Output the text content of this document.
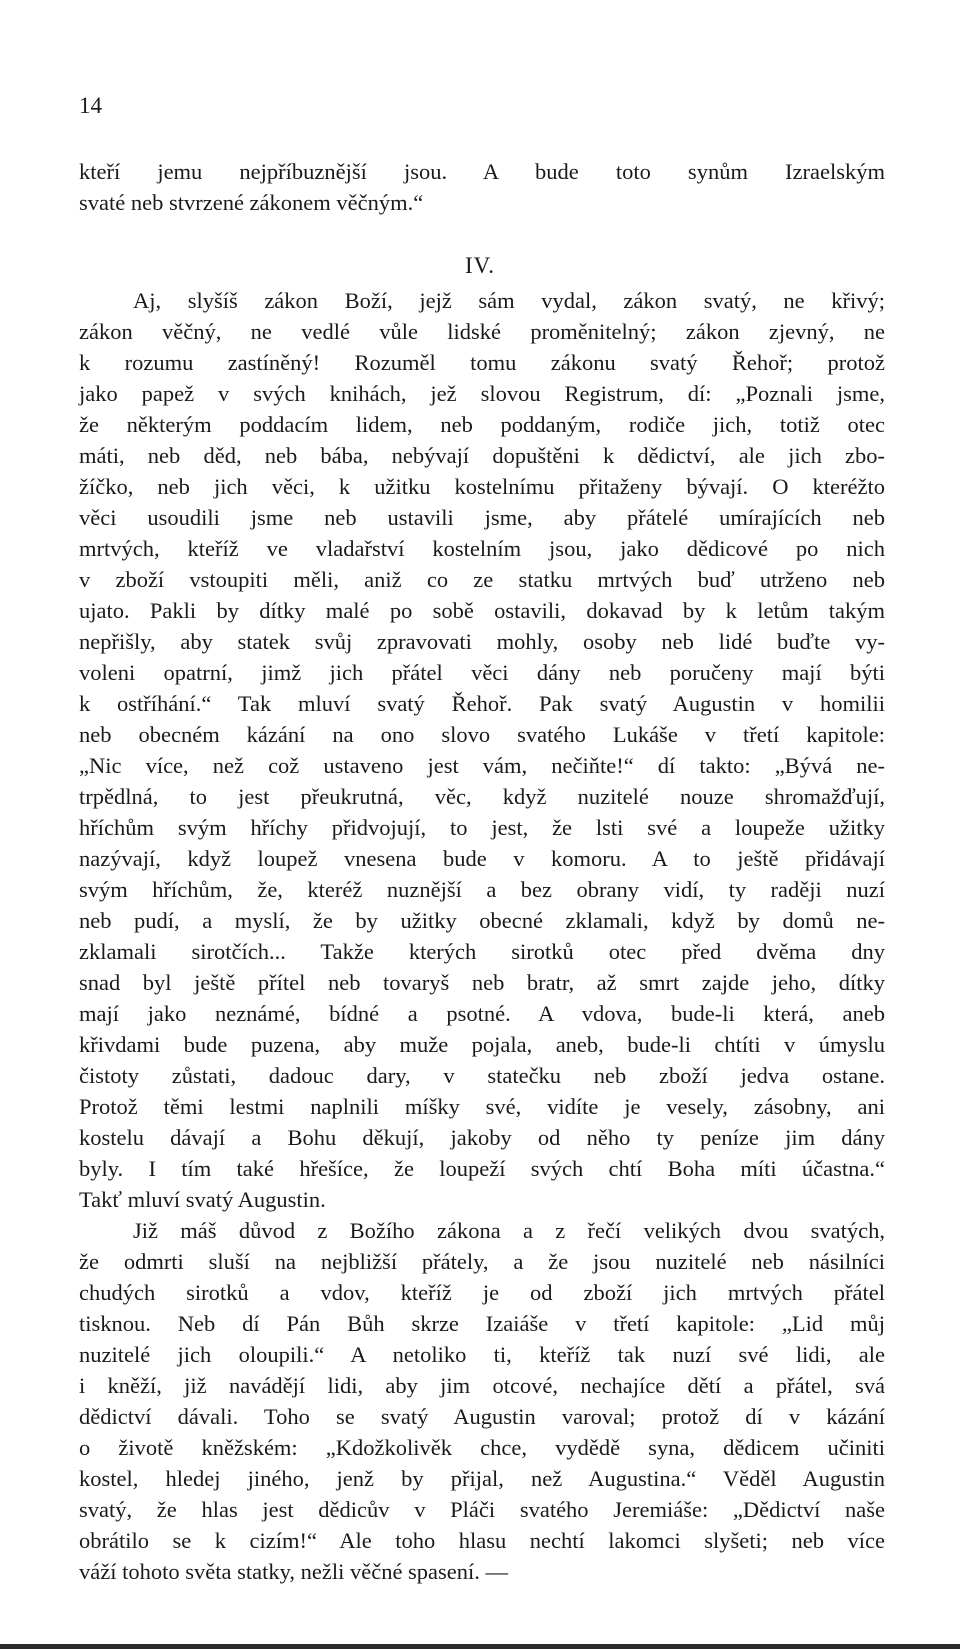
14
kteří jemu nejpříbuznější jsou. A bude toto synům Izraelským
svaté neb stvrzené zákonem věčným.“
IV.
Aj, slyšíš zákon Boží, jejž sám vydal, zákon svatý, ne křivý;
zákon věčný, ne vedlé vůle lidské proměnitelný; zákon zjevný, ne
k rozumu zastíněný! Rozuměl tomu zákonu svatý Řehoř; protož
jako papež v svých knihách, jež slovou Registrum, dí: „Poznali jsme,
že některým poddacím lidem, neb poddaným, rodiče jich, totiž otec
máti, neb děd, neb bába, nebývají dopuštěni k dědictví, ale jich zbo-
žíčko, neb jich věci, k užitku kostelnímu přitaženy bývají. O kteréžto
věci usoudili jsme neb ustavili jsme, aby přátelé umírajících neb
mrtvých, kteříž ve vladařství kostelním jsou, jako dědicové po nich
v zboží vstoupiti měli, aniž co ze statku mrtvých buď utrženo neb
ujato. Pakli by dítky malé po sobě ostavili, dokavad by k letům takým
nepřišly, aby statek svůj zpravovati mohly, osoby neb lidé buďte vy-
voleni opatrní, jimž jich přátel věci dány neb poručeny mají býti
k ostříhání.“ Tak mluví svatý Řehoř. Pak svatý Augustin v homilii
neb obecném kázání na ono slovo svatého Lukáše v třetí kapitole:
„Nic více, než což ustaveno jest vám, nečiňte!“ dí takto: „Bývá ne-
trpědlná, to jest přeukrutná, věc, když nuzitelé nouze shromažďují,
hříchům svým hříchy přidvojují, to jest, že lsti své a loupeže užitky
nazývají, když loupež vnesena bude v komoru. A to ještě přidávají
svým hříchům, že, kteréž nuznější a bez obrany vidí, ty raději nuzí
neb pudí, a myslí, že by užitky obecné zklamali, když by domů ne-
zklamali sirotčích... Takže kterých sirotků otec před dvěma dny
snad byl ještě přítel neb tovaryš neb bratr, až smrt zajde jeho, dítky
mají jako neznámé, bídné a psotné. A vdova, bude-li která, aneb
křivdami bude puzena, aby muže pojala, aneb, bude-li chtíti v úmyslu
čistoty zůstati, dadouc dary, v statečku neb zboží jedva ostane.
Protož těmi lestmi naplnili míšky své, vidíte je vesely, zásobny, ani
kostelu dávají a Bohu děkují, jakoby od něho ty peníze jim dány
byly. I tím také hřešíce, že loupeží svých chtí Boha míti účastna.“
Takť mluví svatý Augustin.
Již máš důvod z Božího zákona a z řečí velikých dvou svatých,
že odmrti sluší na nejbližší přátely, a že jsou nuzitelé neb násilníci
chudých sirotků a vdov, kteříž je od zboží jich mrtvých přátel
tisknou. Neb dí Pán Bůh skrze Izaiáše v třetí kapitole: „Lid můj
nuzitelé jich oloupili.“ A netoliko ti, kteříž tak nuzí své lidi, ale
i kněží, již navádějí lidi, aby jim otcové, nechajíce dětí a přátel, svá
dědictví dávali. Toho se svatý Augustin varoval; protož dí v kázání
o životě kněžském: „Kdožkolivěk chce, vydědě syna, dědicem učiniti
kostel, hledej jiného, jenž by přijal, než Augustina.“ Věděl Augustin
svatý, že hlas jest dědicův v Pláči svatého Jeremiáše: „Dědictví naše
obrátilo se k cizím!“ Ale toho hlasu nechtí lakomci slyšeti; neb více
váží tohoto světa statky, nežli věčné spasení. —
